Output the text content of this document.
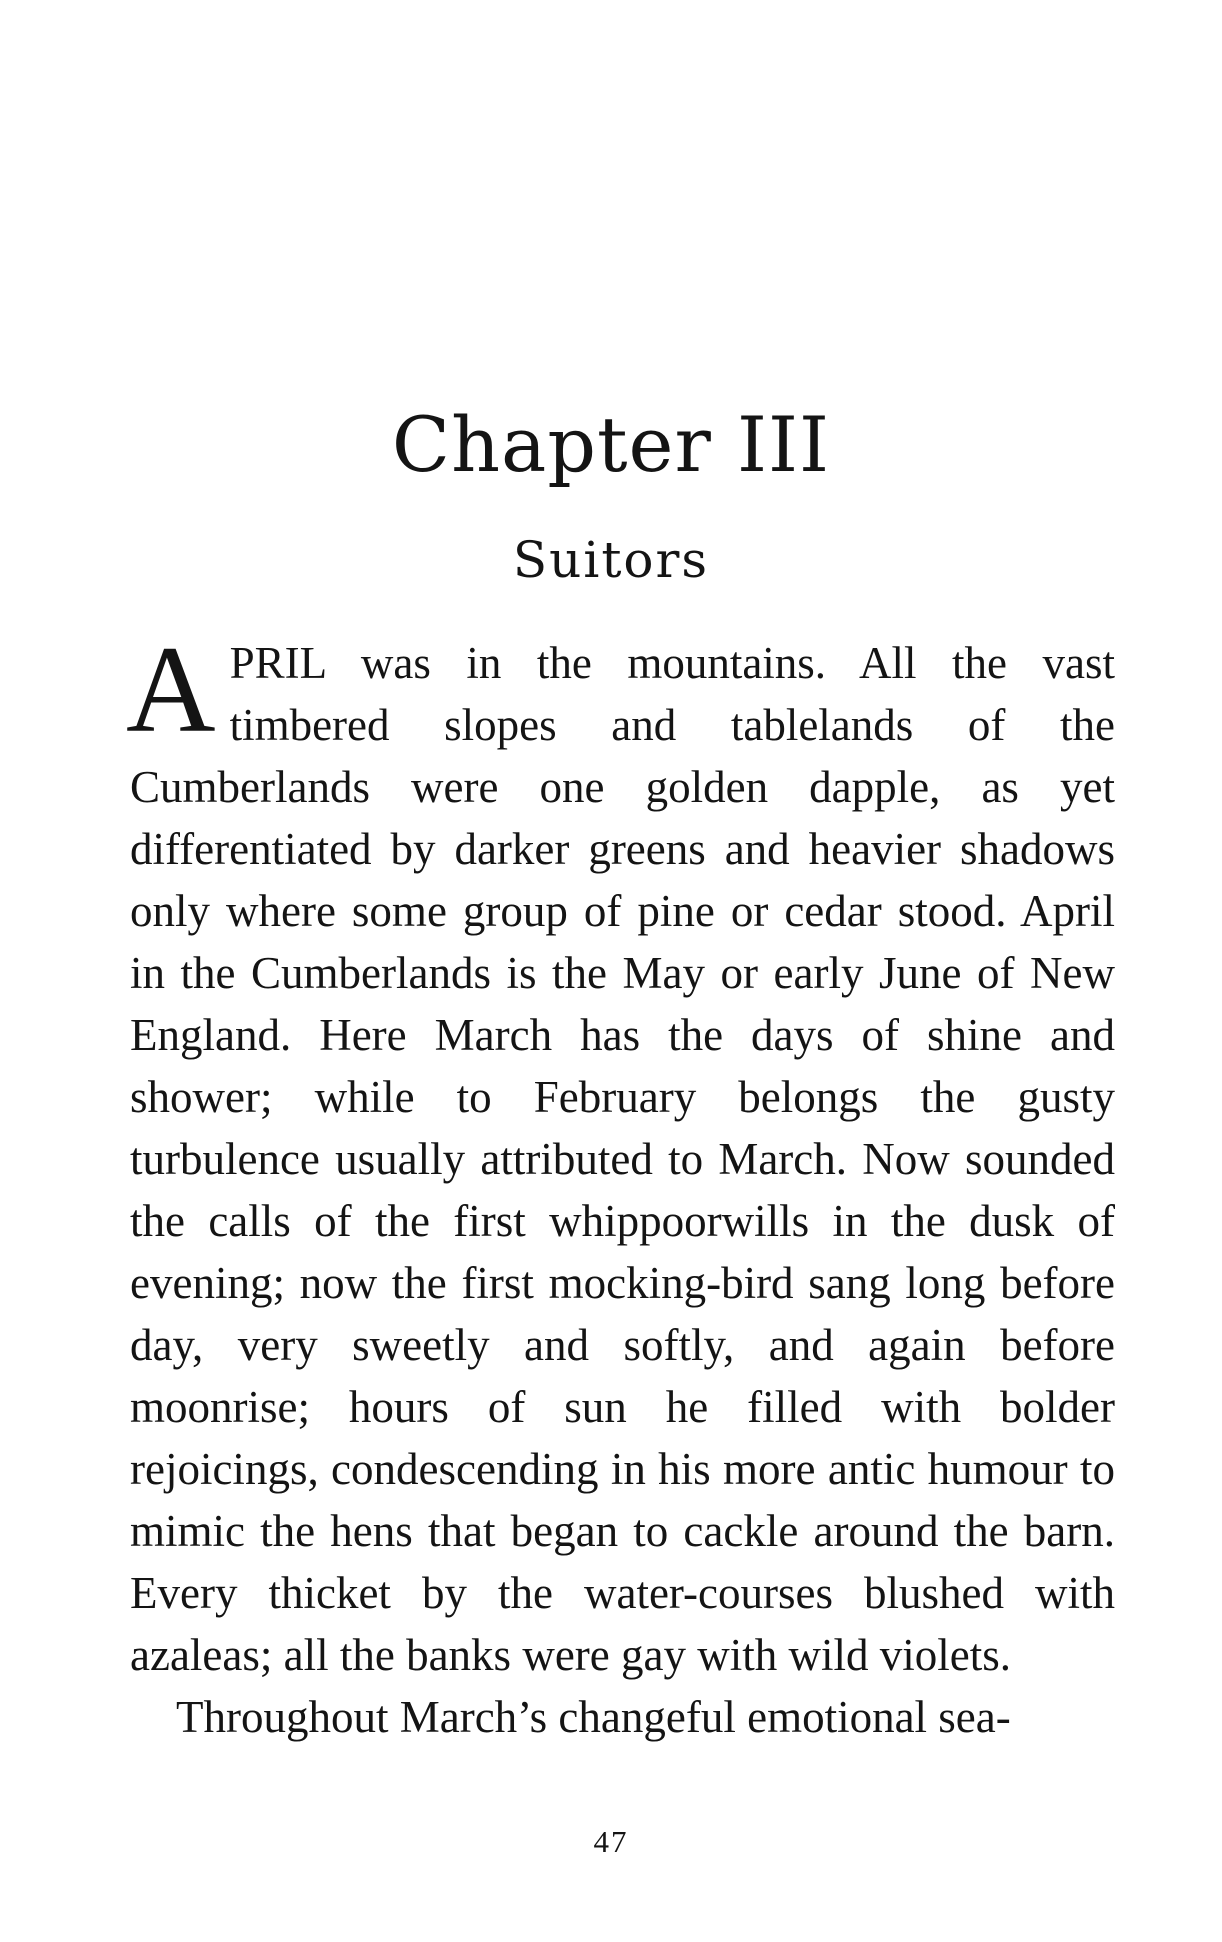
Chapter III
Suitors

APRIL was in the mountains. All the vast timbered slopes and tablelands of the Cumberlands were one golden dapple, as yet differentiated by darker greens and heavier shadows only where some group of pine or cedar stood. April in the Cumberlands is the May or early June of New England. Here March has the days of shine and shower; while to February belongs the gusty turbulence usually attributed to March. Now sounded the calls of the first whippoorwills in the dusk of evening; now the first mocking-bird sang long before day, very sweetly and softly, and again before moonrise; hours of sun he filled with bolder rejoicings, condescending in his more antic humour to mimic the hens that began to cackle around the barn. Every thicket by the water-courses blushed with azaleas; all the banks were gay with wild violets.

Throughout March’s changeful emotional sea-

47
